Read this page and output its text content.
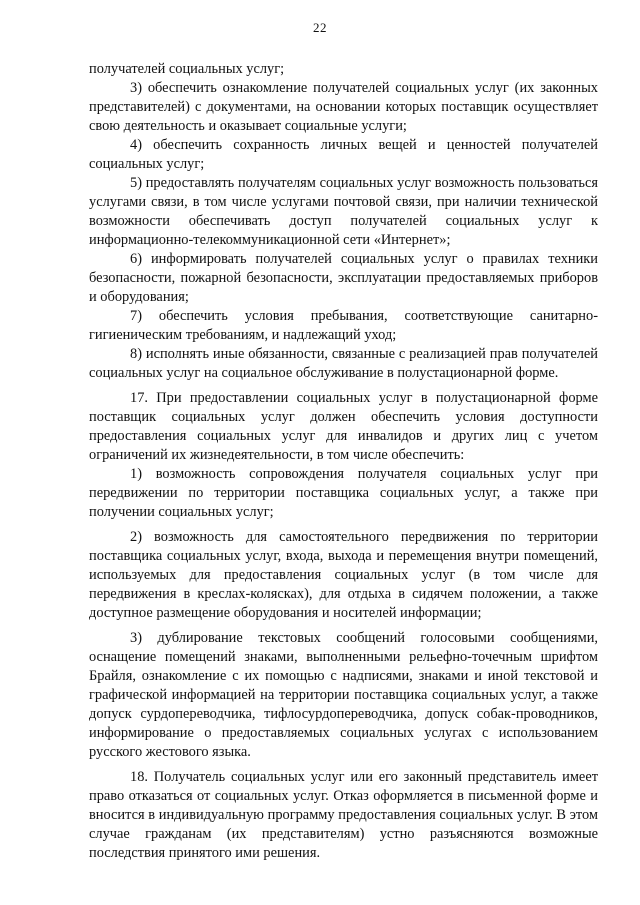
22

получателей социальных услуг;

3) обеспечить ознакомление получателей социальных услуг (их законных представителей) с документами, на основании которых поставщик осуществляет свою деятельность и оказывает социальные услуги;

4) обеспечить сохранность личных вещей и ценностей получателей социальных услуг;

5) предоставлять получателям социальных услуг возможность пользоваться услугами связи, в том числе услугами почтовой связи, при наличии технической возможности обеспечивать доступ получателей социальных услуг к информационно-телекоммуникационной сети «Интернет»;

6) информировать получателей социальных услуг о правилах техники безопасности, пожарной безопасности, эксплуатации предоставляемых приборов и оборудования;

7) обеспечить условия пребывания, соответствующие санитарно-гигиеническим требованиям, и надлежащий уход;

8) исполнять иные обязанности, связанные с реализацией прав получателей социальных услуг на социальное обслуживание в полустационарной форме.

17. При предоставлении социальных услуг в полустационарной форме поставщик социальных услуг должен обеспечить условия доступности предоставления социальных услуг для инвалидов и других лиц с учетом ограничений их жизнедеятельности, в том числе обеспечить:

1) возможность сопровождения получателя социальных услуг при передвижении по территории поставщика социальных услуг, а также при получении социальных услуг;

2) возможность для самостоятельного передвижения по территории поставщика социальных услуг, входа, выхода и перемещения внутри помещений, используемых для предоставления социальных услуг (в том числе для передвижения в креслах-колясках), для отдыха в сидячем положении, а также доступное размещение оборудования и носителей информации;

3) дублирование текстовых сообщений голосовыми сообщениями, оснащение помещений знаками, выполненными рельефно-точечным шрифтом Брайля, ознакомление с их помощью с надписями, знаками и иной текстовой и графической информацией на территории поставщика социальных услуг, а также допуск сурдопереводчика, тифлосурдопереводчика, допуск собак-проводников, информирование о предоставляемых социальных услугах с использованием русского жестового языка.

18. Получатель социальных услуг или его законный представитель имеет право отказаться от социальных услуг. Отказ оформляется в письменной форме и вносится в индивидуальную программу предоставления социальных услуг. В этом случае гражданам (их представителям) устно разъясняются возможные последствия принятого ими решения.
